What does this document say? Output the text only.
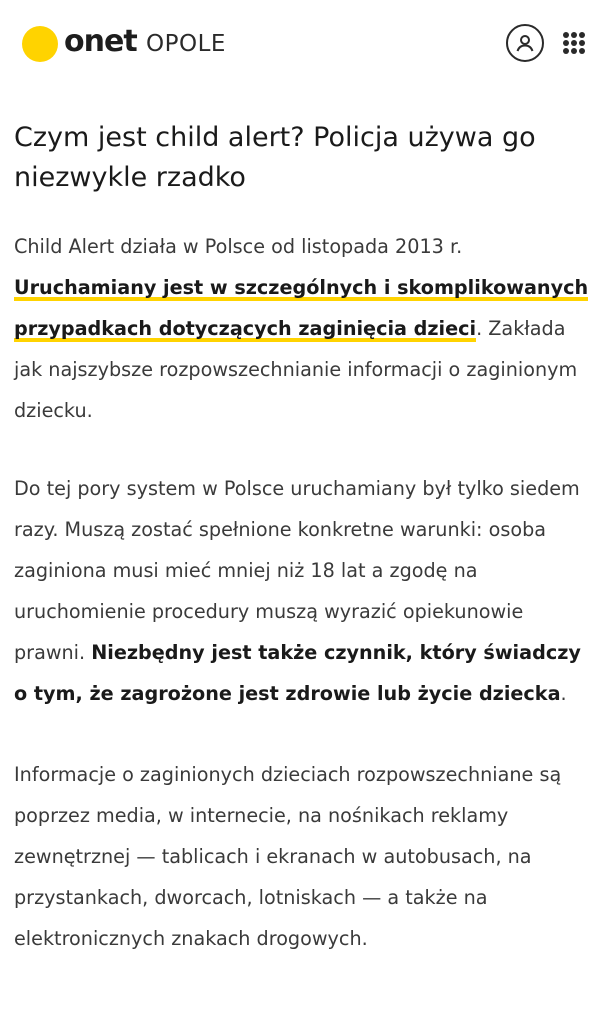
onet OPOLE
Czym jest child alert? Policja używa go niezwykle rzadko

Child Alert działa w Polsce od listopada 2013 r. Uruchamiany jest w szczególnych i skomplikowanych przypadkach dotyczących zaginięcia dzieci. Zakłada jak najszybsze rozpowszechnianie informacji o zaginionym dziecku.

Do tej pory system w Polsce uruchamiany był tylko siedem razy. Muszą zostać spełnione konkretne warunki: osoba zaginiona musi mieć mniej niż 18 lat a zgodę na uruchomienie procedury muszą wyrazić opiekunowie prawni. Niezbędny jest także czynnik, który świadczy o tym, że zagrożone jest zdrowie lub życie dziecka.

Informacje o zaginionych dzieciach rozpowszechniane są poprzez media, w internecie, na nośnikach reklamy zewnętrznej — tablicach i ekranach w autobusach, na przystankach, dworcach, lotniskach — a także na elektronicznych znakach drogowych.
